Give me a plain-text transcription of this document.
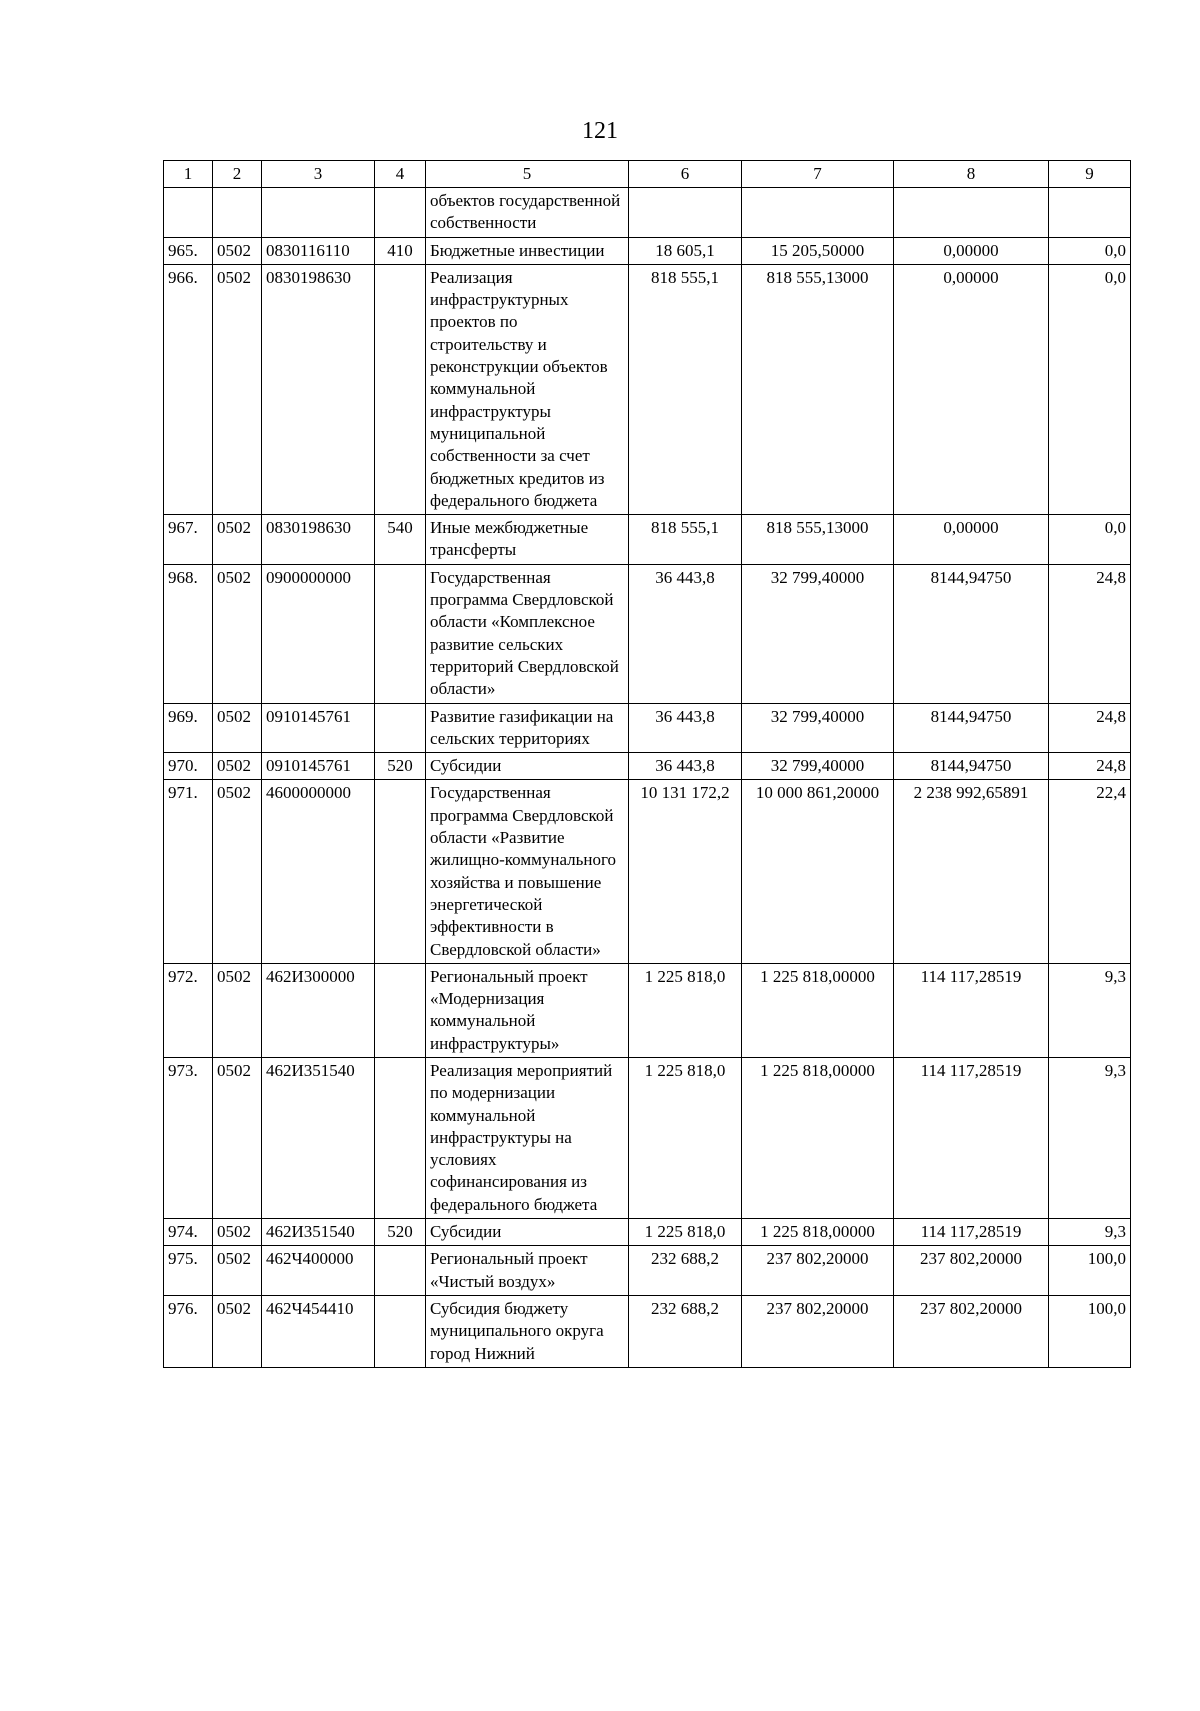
121
1	2	3	4	5	6	7	8	9
				объектов государственной собственности				
965.	0502	0830116110	410	Бюджетные инвестиции	18 605,1	15 205,50000	0,00000	0,0
966.	0502	0830198630		Реализация инфраструктурных проектов по строительству и реконструкции объектов коммунальной инфраструктуры муниципальной собственности за счет бюджетных кредитов из федерального бюджета	818 555,1	818 555,13000	0,00000	0,0
967.	0502	0830198630	540	Иные межбюджетные трансферты	818 555,1	818 555,13000	0,00000	0,0
968.	0502	0900000000		Государственная программа Свердловской области «Комплексное развитие сельских территорий Свердловской области»	36 443,8	32 799,40000	8144,94750	24,8
969.	0502	0910145761		Развитие газификации на сельских территориях	36 443,8	32 799,40000	8144,94750	24,8
970.	0502	0910145761	520	Субсидии	36 443,8	32 799,40000	8144,94750	24,8
971.	0502	4600000000		Государственная программа Свердловской области «Развитие жилищно-коммунального хозяйства и повышение энергетической эффективности в Свердловской области»	10 131 172,2	10 000 861,20000	2 238 992,65891	22,4
972.	0502	462И300000		Региональный проект «Модернизация коммунальной инфраструктуры»	1 225 818,0	1 225 818,00000	114 117,28519	9,3
973.	0502	462И351540		Реализация мероприятий по модернизации коммунальной инфраструктуры на условиях софинансирования из федерального бюджета	1 225 818,0	1 225 818,00000	114 117,28519	9,3
974.	0502	462И351540	520	Субсидии	1 225 818,0	1 225 818,00000	114 117,28519	9,3
975.	0502	462Ч400000		Региональный проект «Чистый воздух»	232 688,2	237 802,20000	237 802,20000	100,0
976.	0502	462Ч454410		Субсидия бюджету муниципального округа город Нижний	232 688,2	237 802,20000	237 802,20000	100,0
